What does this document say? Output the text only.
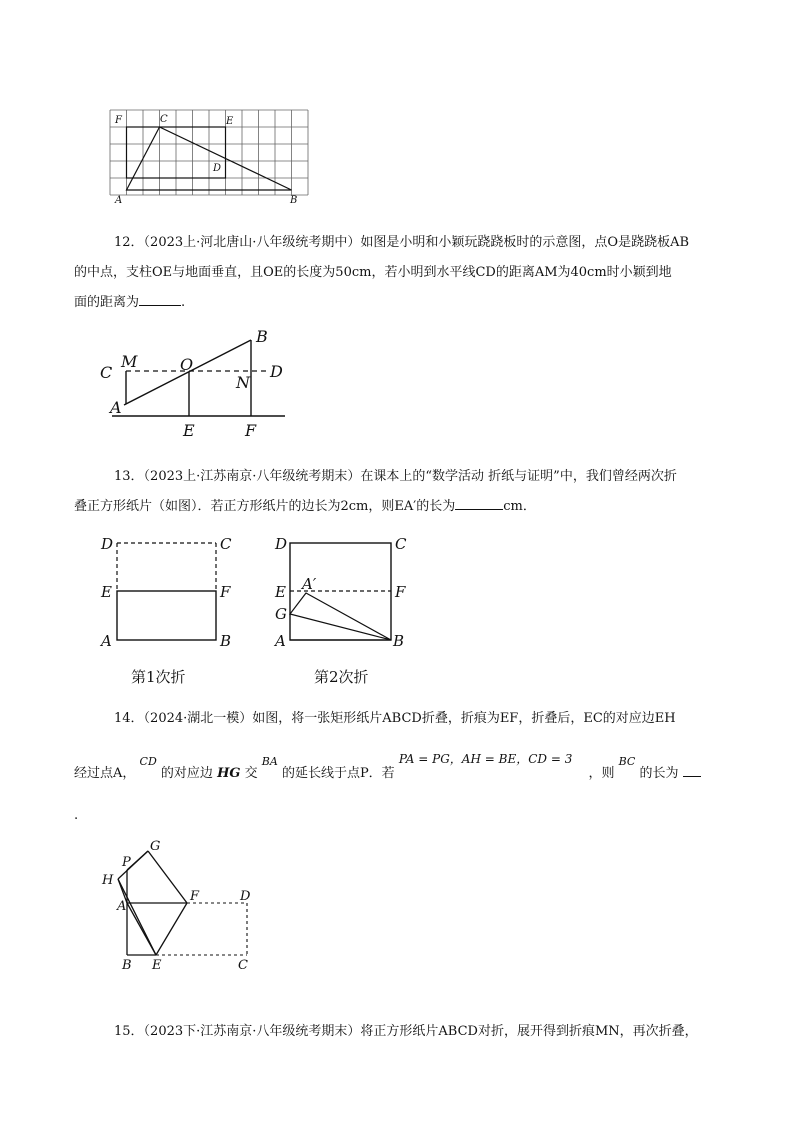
F	C	E
D
A	B
12．（2023上·河北唐山·八年级统考期中）如图是小明和小颖玩跷跷板时的示意图，点O是跷跷板AB
的中点，支柱OE与地面垂直，且OE的长度为50cm，若小明到水平线CD的距离AM为40cm时小颖到地
面的距离为	.
C
M	O
B
N
D
A
E	F
13．（2023上·江苏南京·八年级统考期末）在课本上的“数学活动 折纸与证明”中，我们曾经两次折
叠正方形纸片（如图）．若正方形纸片的边长为2cm，则EA′的长为	cm．
D	C
E	F
A	B
D	C
E A′	F
G
A	B
第1次折	第2次折
14．（2024·湖北一模）如图，将一张矩形纸片ABCD折叠，折痕为EF，折叠后，EC的对应边EH
经过点A， $^{CD}$ 的对应边 HG 交 $^{BA}$ 的延长线于点P．若 PA = PG，AH = BE，CD = 3 ，则 $^{BC}$ 的长为
.
G
P
H
F	D
A
B E	C
15．（2023下·江苏南京·八年级统考期末）将正方形纸片ABCD对折，展开得到折痕MN，再次折叠，
